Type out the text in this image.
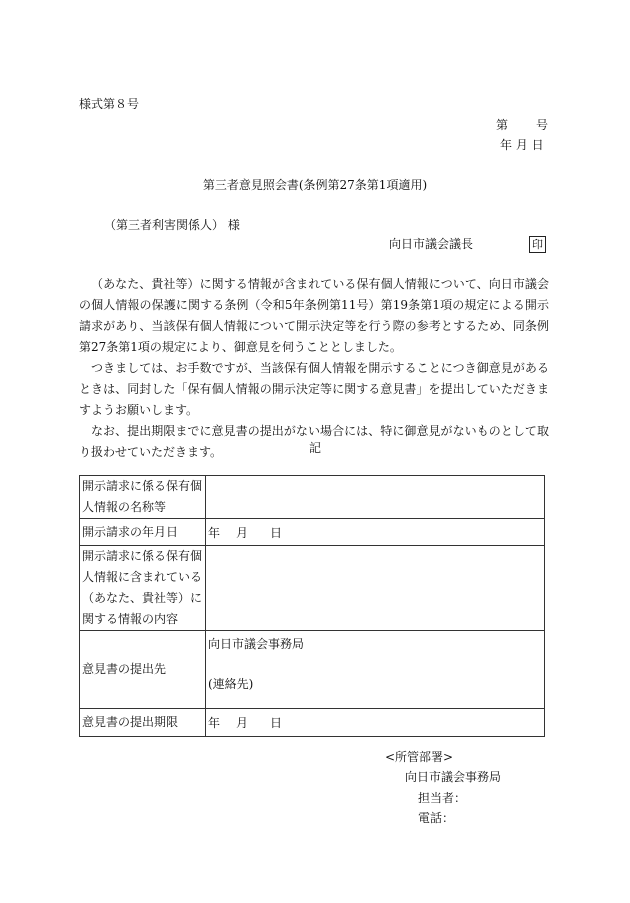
様式第８号
第 号
年 月 日
第三者意見照会書(条例第27条第1項適用)
（第三者利害関係人） 様
向日市議会議長	印

（あなた、貴社等）に関する情報が含まれている保有個人情報について、向日市議会の個人情報の保護に関する条例（令和5年条例第11号）第19条第1項の規定による開示請求があり、当該保有個人情報について開示決定等を行う際の参考とするため、同条例第27条第1項の規定により、御意見を伺うこととしました。

つきましては、お手数ですが、当該保有個人情報を開示することにつき御意見があるときは、同封した「保有個人情報の開示決定等に関する意見書」を提出していただきますようお願いします。

なお、提出期限までに意見書の提出がない場合には、特に御意見がないものとして取り扱わせていただきます。	記
開示請求に係る保有個人情報の名称等	
開示請求の年月日	年 月 日
開示請求に係る保有個人情報に含まれている（あなた、貴社等）に関する情報の内容	
意見書の提出先	向日市議会事務局
(連絡先)

意見書の提出期限	年 月 日
<所管部署>
向日市議会事務局
担当者：
電話：
